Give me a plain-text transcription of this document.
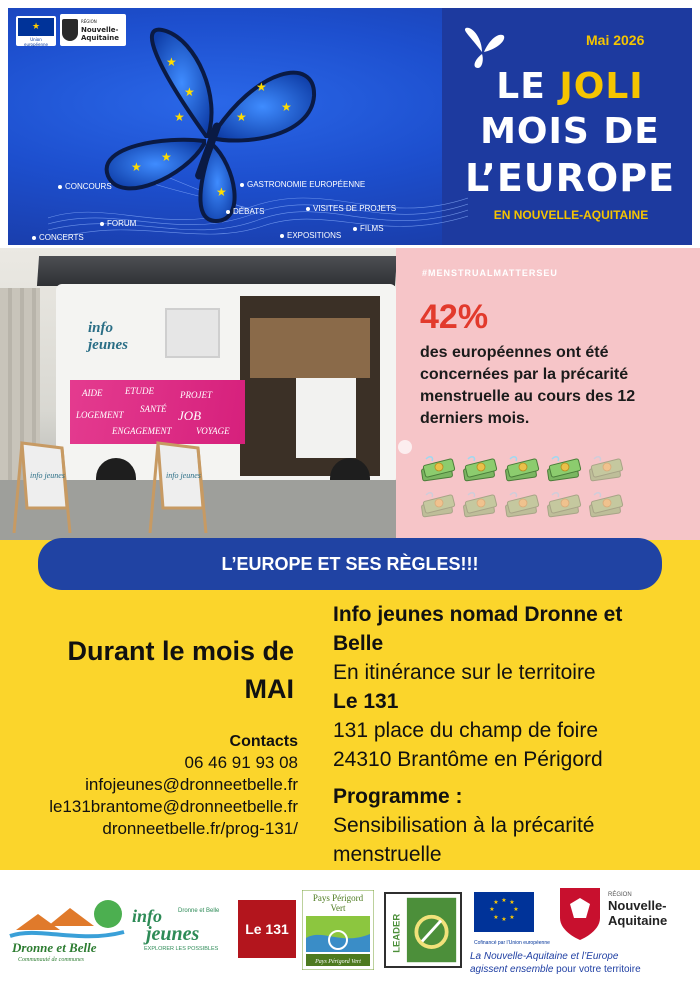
★
Union européenne
RÉGION
Nouvelle-
Aquitaine
★
★	★
★
★
★
★
★
★
CONCOURS	GASTRONOMIE EUROPÉENNE
DÉBATS	VISITES DE PROJETS
FORUM
CONCERTS	EXPOSITIONS
FILMS
Mai 2026
LE JOLI
MOIS DE
L’EUROPE
EN NOUVELLE-AQUITAINE
info
jeunes
AIDE	ETUDE	PROJET
SANTÉ
LOGEMENT	JOB
ENGAGEMENT	VOYAGE
info jeunes	info jeunes
#MENSTRUALMATTERSEU
42%
des européennes ont été concernées par la précarité menstruelle au cours des 12 derniers mois.
L’EUROPE ET SES RÈGLES!!!
Durant le mois de
MAI
Contacts
06 46 91 93 08
infojeunes@dronneetbelle.fr
le131brantome@dronneetbelle.fr
dronneetbelle.fr/prog-131/
Info jeunes nomad Dronne et
Belle
En itinérance sur le territoire
Le 131
131 place du champ de foire
24310 Brantôme en Périgord
Programme :
Sensibilisation à la précarité
menstruelle
Dronne et Belle
Communauté de communes
info
jeunes
Dronne et Belle
EXPLORER LES POSSIBLES
Le 131
Pays Périgord
Vert
Pays Périgord Vert
LEADER
★ ★
★
★
★
★
★
★
Cofinancé par l’Union européenne
RÉGION
Nouvelle-
Aquitaine
La Nouvelle-Aquitaine et l’Europe
agissent ensemble pour votre territoire
